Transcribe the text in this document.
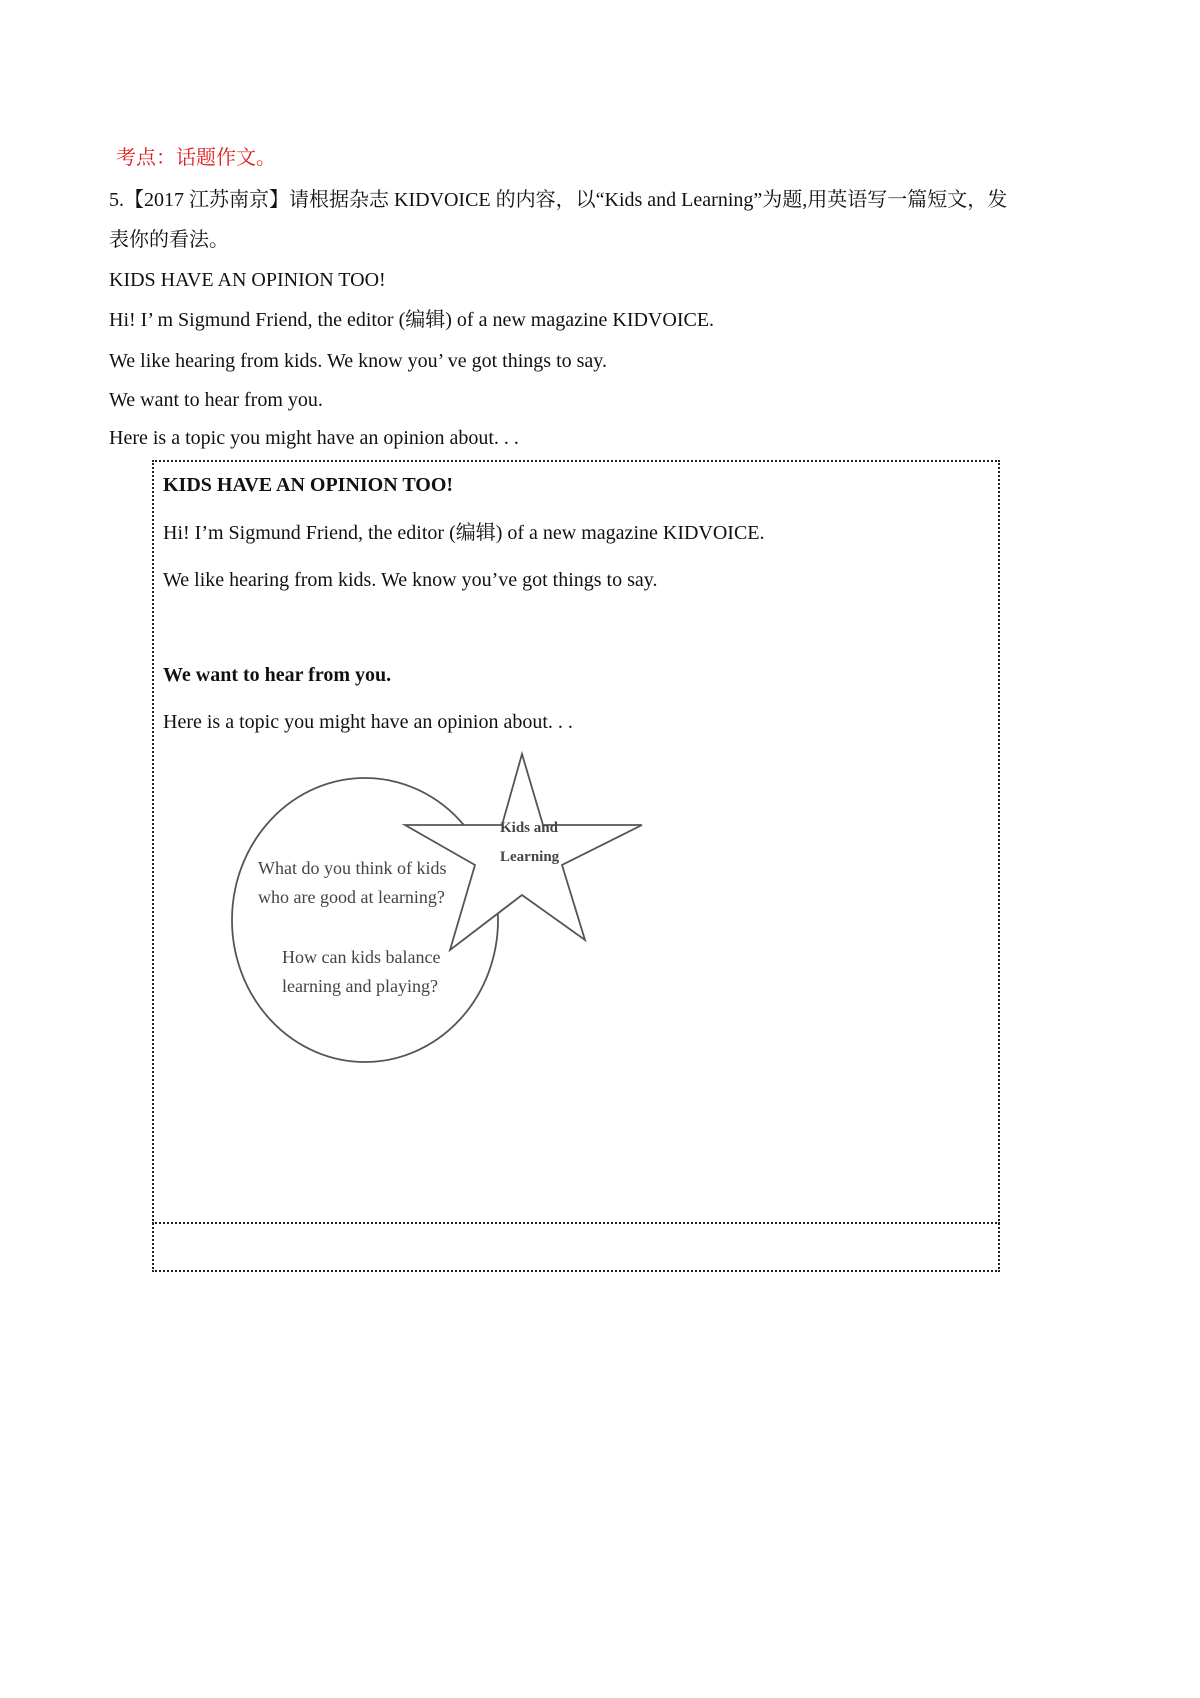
考点：话题作文。
5.【2017 江苏南京】请根据杂志 KIDVOICE 的内容，以“Kids and Learning”为题,用英语写一篇短文，发
表你的看法。
KIDS HAVE AN OPINION TOO!
Hi! I’ m Sigmund Friend, the editor (编辑) of a new magazine KIDVOICE.
We like hearing from kids. We know you’ ve got things to say.
We want to hear from you.
Here is a topic you might have an opinion about. . .
KIDS HAVE AN OPINION TOO!
Hi! I’m Sigmund Friend, the editor (编辑) of a new magazine KIDVOICE.
We like hearing from kids. We know you’ve got things to say.
We want to hear from you.
Here is a topic you might have an opinion about. . .
Kids and
Learning
What do you think of kids
who are good at learning?
How can kids balance
learning and playing?
